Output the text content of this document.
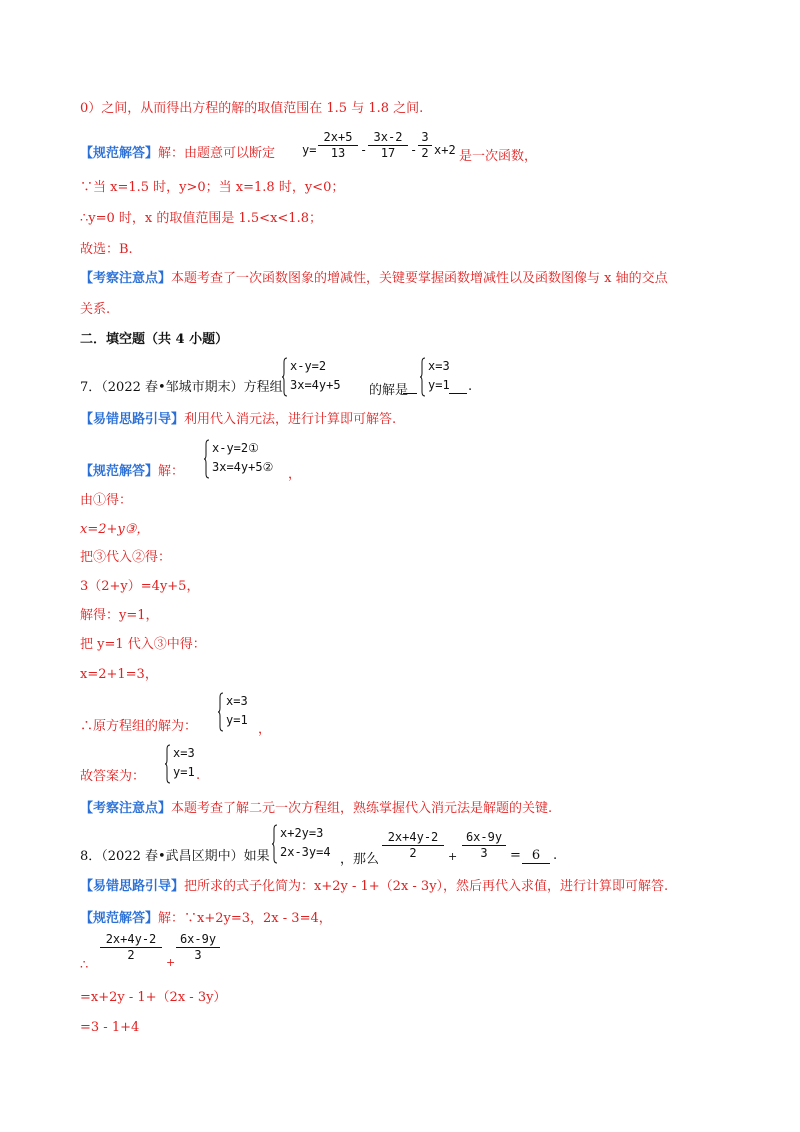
0）之间，从而得出方程的解的取值范围在 1.5 与 1.8 之间.
【规范解答】解：由题意可以断定 $y= \frac{2x+5}{13} - \frac{3x-2}{17} - \frac{3}{2} x+2$ 是一次函数，
∵当 x=1.5 时，y>0；当 x=1.8 时，y<0；
∴y=0 时，x 的取值范围是 1.5<x<1.8；
故选：B.
【考察注意点】本题考查了一次函数图象的增减性，关键要掌握函数增减性以及函数图像与 x 轴的交点
关系.
二．填空题（共 4 小题）
7．（2022 春•邹城市期末）方程组
x-y=2
3x=4y+5 的解是
x=3
y=1 .
【易错思路引导】利用代入消元法，进行计算即可解答.
【规范解答】解：
x-y=2①
3x=4y+5② ，
由①得：
x=2+y③，
把③代入②得：
3（2+y）=4y+5，
解得：y=1，
把 y=1 代入③中得：
x=2+1=3，
∴原方程组的解为：
x=3
y=1
，
故答案为：
x=3
y=1 .
【考察注意点】本题考查了解二元一次方程组，熟练掌握代入消元法是解题的关键.
8．（2022 春•武昌区期中）如果
x+2y=3
2x-3y=4 ，那么 $\frac{2x+4y-2}{2} + \frac{6x-9y}{3} = 6$ .
【易错思路引导】把所求的式子化简为：x+2y - 1+（2x - 3y），然后再代入求值，进行计算即可解答.
【规范解答】解：∵x+2y=3，2x - 3=4，
∴
$\frac{2x+4y-2}{2} + \frac{6x-9y}{3}$
=x+2y - 1+（2x - 3y）
=3 - 1+4
